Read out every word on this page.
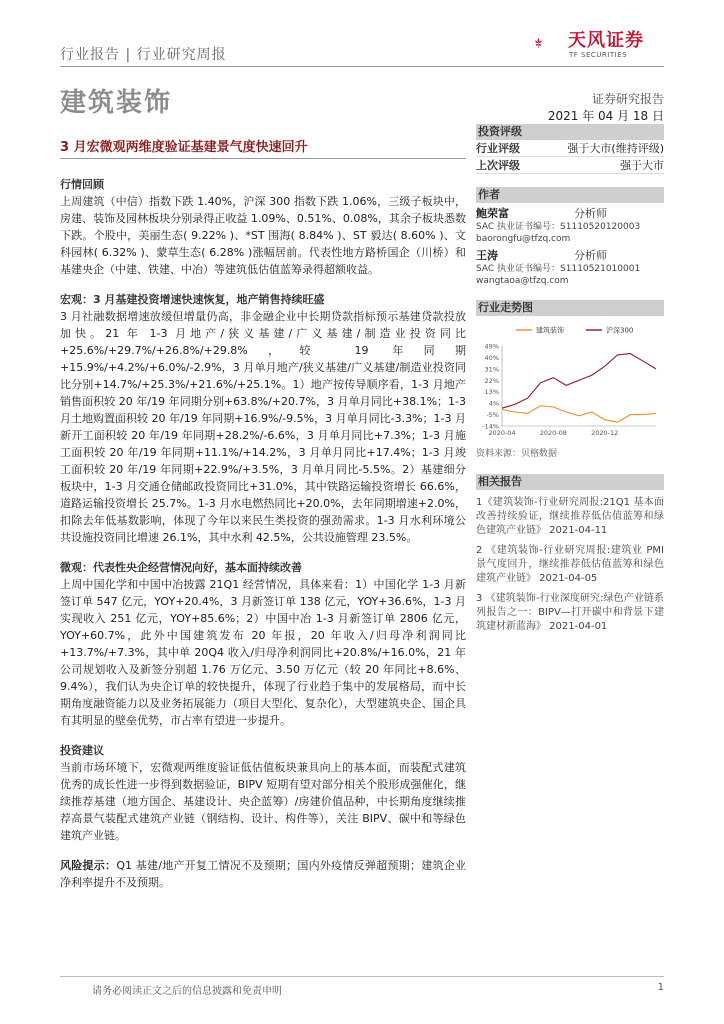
行业报告 | 行业研究周报
天风证券
TF SECURITIES
建筑装饰	证券研究报告
2021 年 04 月 18 日
3 月宏微观两维度验证基建景气度快速回升
行情回顾
上周建筑（中信）指数下跌 1.40%，沪深 300 指数下跌 1.06%，三级子板块中，房建、装饰及园林板块分别录得正收益 1.09%、0.51%、0.08%，其余子板块悉数下跌。个股中，美丽生态( 9.22% )、*ST 围海( 8.84% )、ST 毅达( 8.60% )、文科园林( 6.32% )、蒙草生态( 6.28% )涨幅居前。代表性地方路桥国企（川桥）和基建央企（中建、铁建、中冶）等建筑低估值蓝筹录得超额收益。
宏观：3 月基建投资增速快速恢复，地产销售持续旺盛
3 月社融数据增速放缓但增量仍高，非金融企业中长期贷款指标预示基建贷款投放加快。21 年 1-3 月地产/狭义基建/广义基建/制造业投资同比+25.6%/+29.7%/+26.8%/+29.8%，较 19 年同期+15.9%/+4.2%/+6.0%/-2.9%，3 月单月地产/狭义基建/广义基建/制造业投资同比分别+14.7%/+25.3%/+21.6%/+25.1%。1）地产按传导顺序看，1-3 月地产销售面积较 20 年/19 年同期分别+63.8%/+20.7%，3 月单月同比+38.1%；1-3 月土地购置面积较 20 年/19 年同期+16.9%/-9.5%，3 月单月同比-3.3%；1-3 月新开工面积较 20 年/19 年同期+28.2%/-6.6%，3 月单月同比+7.3%；1-3 月施工面积较 20 年/19 年同期+11.1%/+14.2%，3 月单月同比+17.4%；1-3 月竣工面积较 20 年/19 年同期+22.9%/+3.5%，3 月单月同比-5.5%。2）基建细分板块中，1-3 月交通仓储邮政投资同比+31.0%，其中铁路运输投资增长 66.6%，道路运输投资增长 25.7%。1-3 月水电燃热同比+20.0%，去年同期增速+2.0%，扣除去年低基数影响，体现了今年以来民生类投资的强劲需求。1-3 月水利环境公共设施投资同比增速 26.1%，其中水利 42.5%，公共设施管理 23.5%。
微观：代表性央企经营情况向好，基本面持续改善
上周中国化学和中国中冶披露 21Q1 经营情况，具体来看：1）中国化学 1-3 月新签订单 547 亿元，YOY+20.4%，3 月新签订单 138 亿元，YOY+36.6%，1-3 月实现收入 251 亿元，YOY+85.6%；2）中国中冶 1-3 月新签订单 2806 亿元，YOY+60.7%，此外中国建筑发布 20 年报，20 年收入/归母净利润同比+13.7%/+7.3%，其中单 20Q4 收入/归母净利润同比+20.8%/+16.0%，21 年公司规划收入及新签分别超 1.76 万亿元、3.50 万亿元（较 20 年同比+8.6%、9.4%），我们认为央企订单的较快提升，体现了行业趋于集中的发展格局，而中长期角度融资能力以及业务拓展能力（项目大型化、复杂化），大型建筑央企、国企具有其明显的壁垒优势，市占率有望进一步提升。
投资建议
当前市场环境下，宏微观两维度验证低估值板块兼具向上的基本面，而装配式建筑优秀的成长性进一步得到数据验证，BIPV 短期有望对部分相关个股形成强催化，继续推荐基建（地方国企、基建设计、央企蓝筹）/房建价值品种，中长期角度继续推荐高景气装配式建筑产业链（钢结构、设计、构件等），关注 BIPV、碳中和等绿色建筑产业链。
风险提示：Q1 基建/地产开复工情况不及预期；国内外疫情反弹超预期；建筑企业净利率提升不及预期。
投资评级
行业评级	强于大市(维持评级)
上次评级	强于大市
作者
鲍荣富	分析师
SAC 执业证书编号：S1110520120003
baorongfu@tfzq.com
王涛	分析师
SAC 执业证书编号：S1110521010001
wangtaoa@tfzq.com
行业走势图
49%
40%
31%
22%
13%
4%
-5%
-14%
2020-04	2020-08	2020-12
建筑装饰	沪深300
资料来源：贝格数据
相关报告
1《建筑装饰-行业研究周报:21Q1 基本面改善持续验证，继续推荐低估值蓝筹和绿色建筑产业链》 2021-04-11
2 《建筑装饰-行业研究周报:建筑业 PMI 景气度回升，继续推荐低估值蓝筹和绿色建筑产业链》 2021-04-05
3 《建筑装饰-行业深度研究:绿色产业链系列报告之一：BIPV—打开碳中和背景下建筑建材新蓝海》 2021-04-01
请务必阅读正文之后的信息披露和免责申明	1
